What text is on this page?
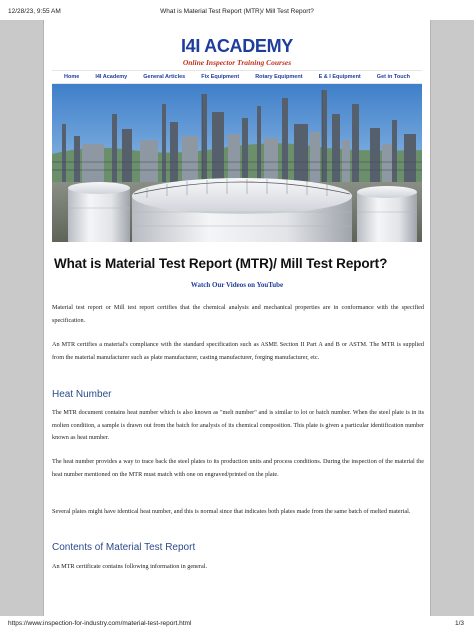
12/28/23, 9:55 AM	What is Material Test Report (MTR)/ Mill Test Report?
I4I ACADEMY
Online Inspector Training Courses
Home	I4I Academy	General Articles	Fix Equipment	Rotary Equipment	E & I Equipment	Get in Touch
What is Material Test Report (MTR)/ Mill Test Report?
Watch Our Videos on YouTube
Material test report or Mill test report certifies that the chemical analysis and mechanical properties are in conformance with the specified specification.
An MTR certifies a material's compliance with the standard specification such as ASME Section II Part A and B or ASTM. The MTR is supplied from the material manufacturer such as plate manufacturer, casting manufacturer, forging manufacturer, etc.
Heat Number
The MTR document contains heat number which is also known as "melt number" and is similar to lot or batch number. When the steel plate is in its molten condition, a sample is drawn out from the batch for analysis of its chemical composition. This plate is given a particular identification number known as heat number.
The heat number provides a way to trace back the steel plates to its production units and process conditions. During the inspection of the material the heat number mentioned on the MTR must match with one on engraved/printed on the plate.
Several plates might have identical heat number, and this is normal since that indicates both plates made from the same batch of melted material.
Contents of Material Test Report
An MTR certificate contains following information in general.
https://www.inspection-for-industry.com/material-test-report.html	1/3
